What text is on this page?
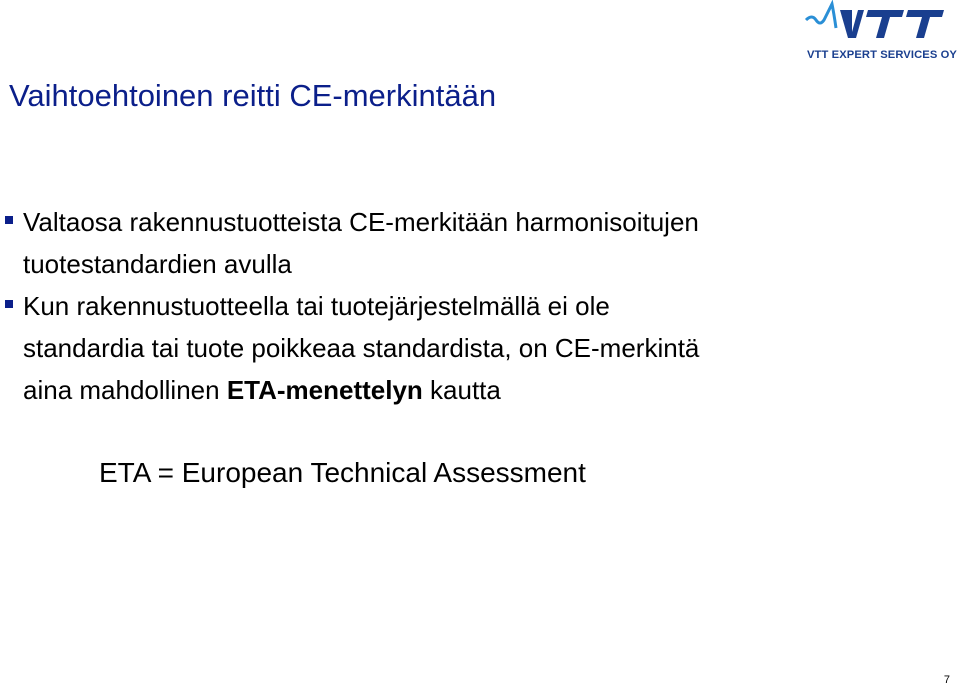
VTT EXPERT SERVICES OY
Vaihtoehtoinen reitti CE-merkintään
Valtaosa rakennustuotteista CE-merkitään harmonisoitujen
tuotestandardien avulla
Kun rakennustuotteella tai tuotejärjestelmällä ei ole
standardia tai tuote poikkeaa standardista, on CE-merkintä
aina mahdollinen ETA-menettelyn kautta

ETA = European Technical Assessment

7
